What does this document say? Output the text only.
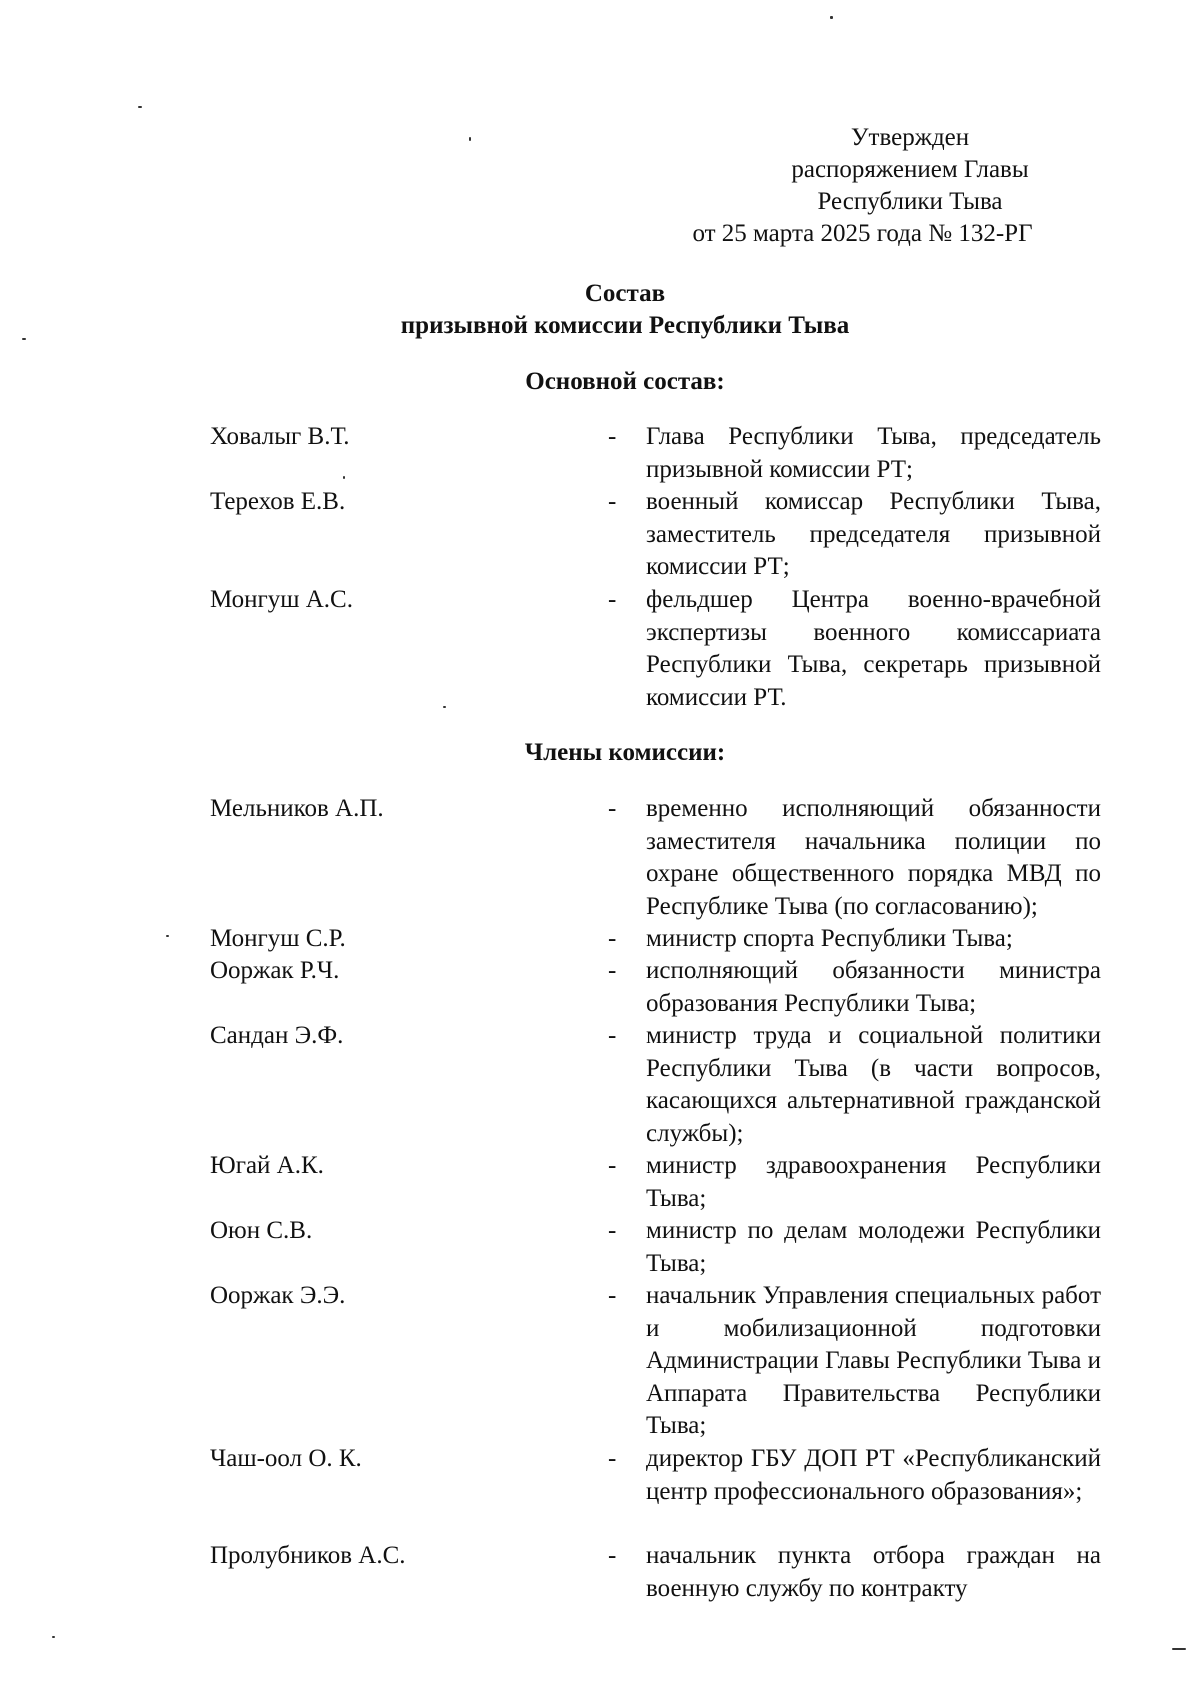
Утвержден
распоряжением Главы
Республики Тыва
от 25 марта 2025 года № 132-РГ
Состав
призывной комиссии Республики Тыва
Основной состав:
Ховалыг В.Т.	- Глава Республики Тыва, председатель призывной комиссии РТ;
Терехов Е.В.	- военный комиссар Республики Тыва, заместитель председателя призывной комиссии РТ;
Монгуш А.С.	- фельдшер Центра военно-врачебной экспертизы военного комиссариата Республики Тыва, секретарь призывной комиссии РТ.
Члены комиссии:
Мельников А.П.	- временно исполняющий обязанности заместителя начальника полиции по охране общественного порядка МВД по Республике Тыва (по согласованию);
Монгуш С.Р.	- министр спорта Республики Тыва;
Ооржак Р.Ч.	- исполняющий обязанности министра образования Республики Тыва;
Сандан Э.Ф.	- министр труда и социальной политики Республики Тыва (в части вопросов, касающихся альтернативной гражданской службы);
Югай А.К.	- министр здравоохранения Республики Тыва;
Оюн С.В.	- министр по делам молодежи Республики Тыва;
Ооржак Э.Э.	- начальник Управления специальных работ и мобилизационной подготовки Администрации Главы Республики Тыва и Аппарата Правительства Республики Тыва;
Чаш-оол О. К.	- директор ГБУ ДОП РТ «Республиканский центр профессионального образования»;
Пролубников А.С.	- начальник пункта отбора граждан на военную службу по контракту
